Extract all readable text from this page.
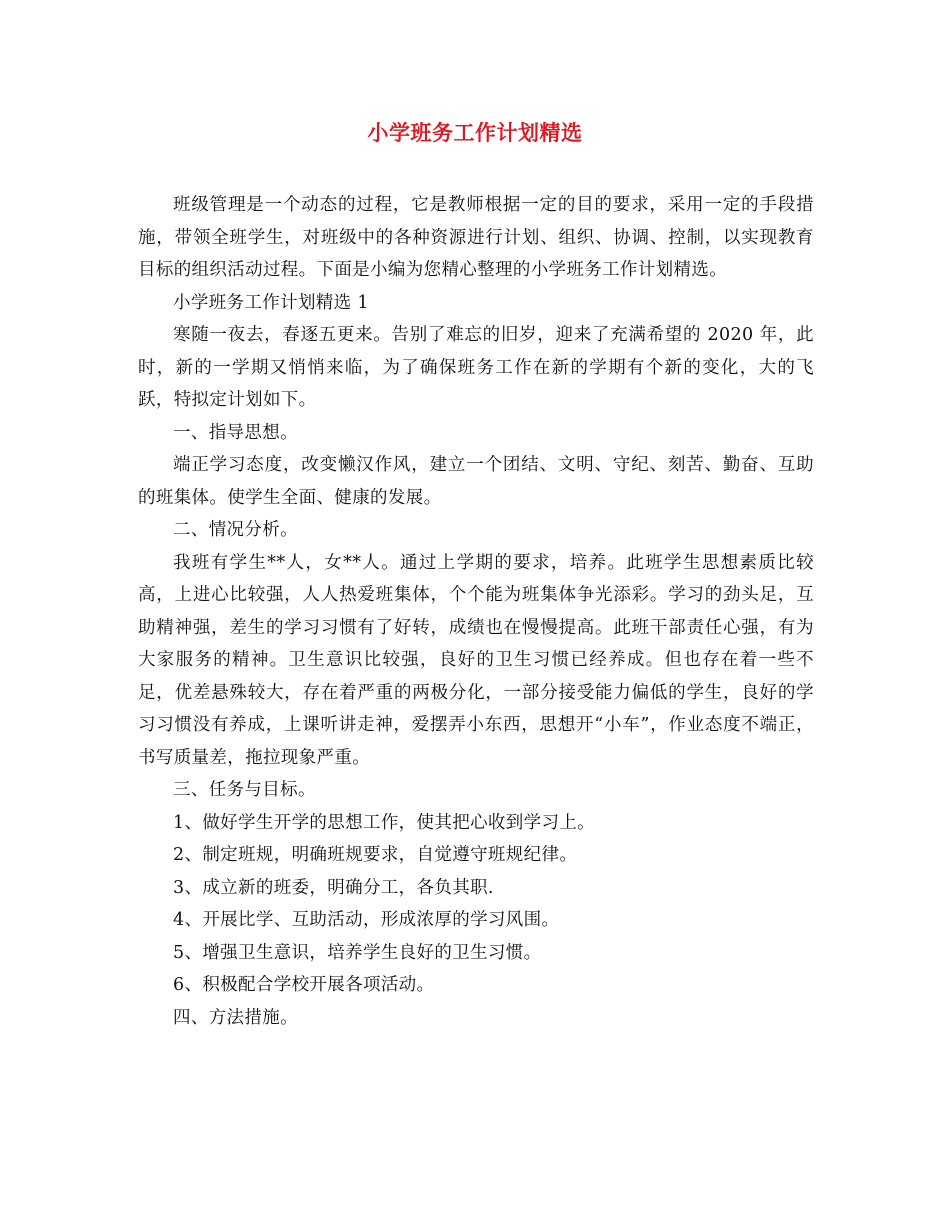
小学班务工作计划精选

班级管理是一个动态的过程，它是教师根据一定的目的要求，采用一定的手段措施，带领全班学生，对班级中的各种资源进行计划、组织、协调、控制，以实现教育目标的组织活动过程。下面是小编为您精心整理的小学班务工作计划精选。

小学班务工作计划精选 1

寒随一夜去，春逐五更来。告别了难忘的旧岁，迎来了充满希望的 2020 年，此时，新的一学期又悄悄来临，为了确保班务工作在新的学期有个新的变化，大的飞跃，特拟定计划如下。

一、指导思想。

端正学习态度，改变懒汉作风，建立一个团结、文明、守纪、刻苦、勤奋、互助的班集体。使学生全面、健康的发展。

二、情况分析。

我班有学生**人，女**人。通过上学期的要求，培养。此班学生思想素质比较高，上进心比较强，人人热爱班集体，个个能为班集体争光添彩。学习的劲头足，互助精神强，差生的学习习惯有了好转，成绩也在慢慢提高。此班干部责任心强，有为大家服务的精神。卫生意识比较强，良好的卫生习惯已经养成。但也存在着一些不足，优差悬殊较大，存在着严重的两极分化，一部分接受能力偏低的学生，良好的学习习惯没有养成，上课听讲走神，爱摆弄小东西，思想开“小车”，作业态度不端正，书写质量差，拖拉现象严重。

三、任务与目标。

1、做好学生开学的思想工作，使其把心收到学习上。

2、制定班规，明确班规要求，自觉遵守班规纪律。

3、成立新的班委，明确分工，各负其职.

4、开展比学、互助活动，形成浓厚的学习风围。

5、增强卫生意识，培养学生良好的卫生习惯。

6、积极配合学校开展各项活动。

四、方法措施。
